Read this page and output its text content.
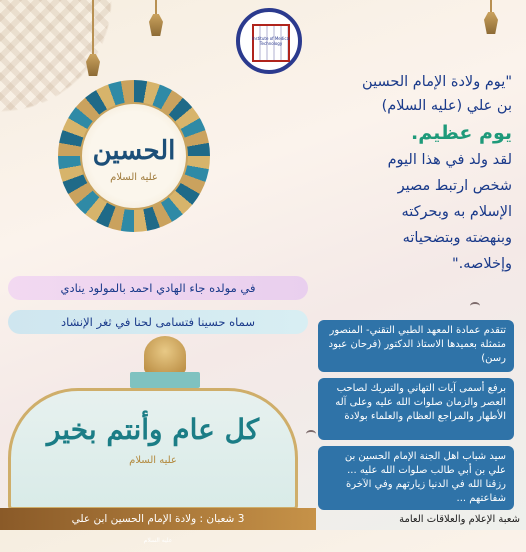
Institute of Medical Technology
الحسين
عليه السلام
"يوم ولادة الإمام الحسين
بن علي (عليه السلام)
يوم عظيم.
لقد ولد في هذا اليوم
شخص ارتبط مصير
الإسلام به وبحركته
وبنهضته وبتضحياته
وإخلاصه."
في مولده جاء الهادي احمد بالمولود ينادي
سماه حسينا فتسامى لحنا في ثغر الإنشاد
كل عام وأنتم بخير
عليه السلام
3 شعبان : ولادة الإمام الحسين ابن علي
عليه السلام

تتقدم عمادة المعهد الطبي التقني- المنصور متمثلة بعميدها الاستاذ الدكتور (فرحان عبود رسن)

برفع أسمى آيات التهاني والتبريك لصاحب العصر والزمان صلوات الله عليه وعلى آله الأطهار والمراجع العظام والعلماء بولادة

سيد شباب اهل الجنة الإمام الحسين بن علي بن أبي طالب صلوات الله عليه ... رزقنا الله في الدنيا زيارتهم وفي الآخرة شفاعتهم ...

شعبة الإعلام والعلاقات العامة
